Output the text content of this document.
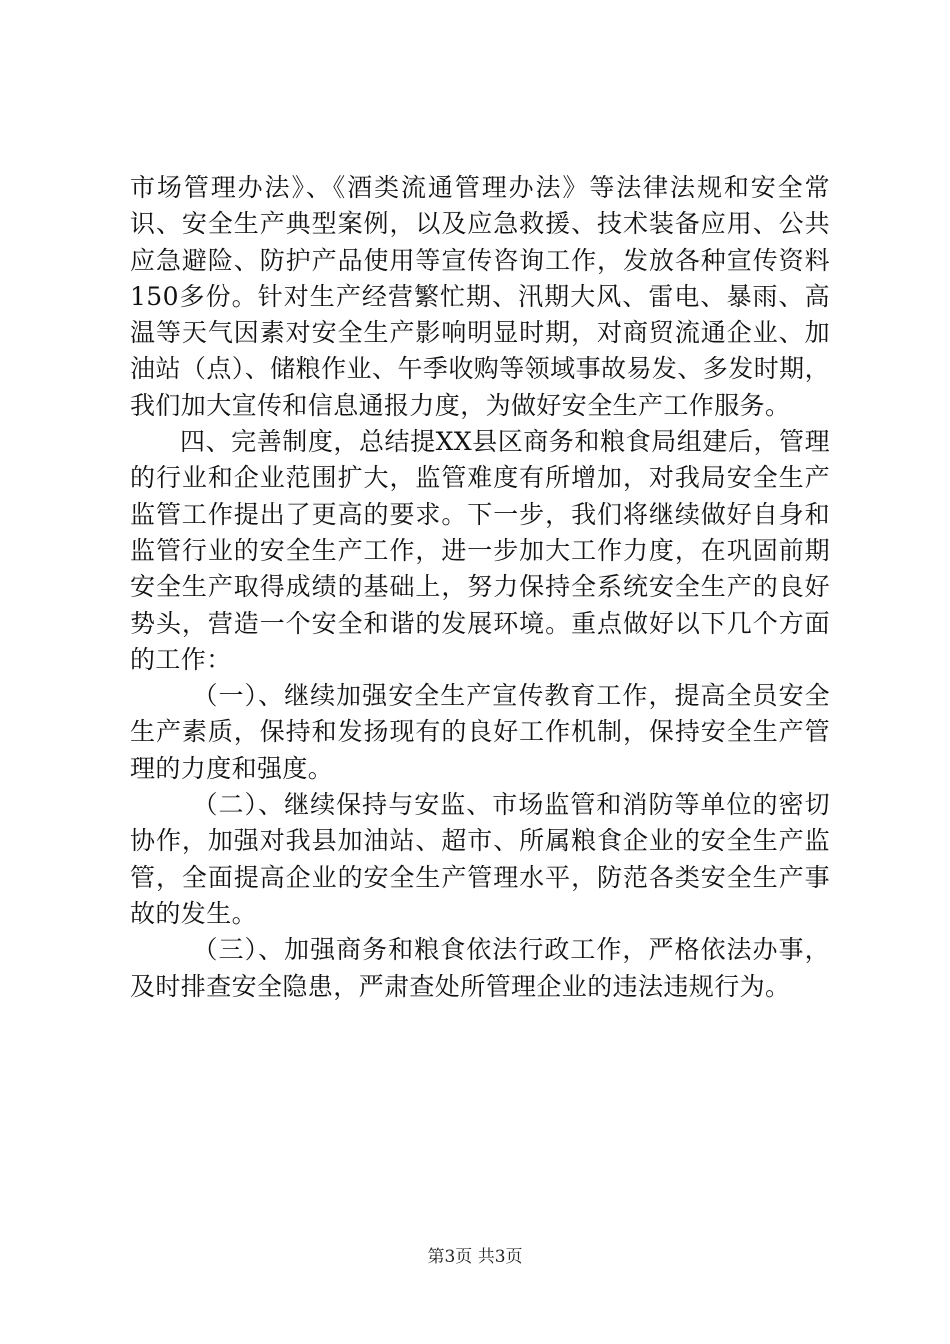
市场管理办法》、《酒类流通管理办法》等法律法规和安全常识、安全生产典型案例，以及应急救援、技术装备应用、公共应急避险、防护产品使用等宣传咨询工作，发放各种宣传资料150多份。针对生产经营繁忙期、汛期大风、雷电、暴雨、高温等天气因素对安全生产影响明显时期，对商贸流通企业、加油站（点）、储粮作业、午季收购等领域事故易发、多发时期，我们加大宣传和信息通报力度，为做好安全生产工作服务。

四、完善制度，总结提XX县区商务和粮食局组建后，管理的行业和企业范围扩大，监管难度有所增加，对我局安全生产监管工作提出了更高的要求。下一步，我们将继续做好自身和监管行业的安全生产工作，进一步加大工作力度，在巩固前期安全生产取得成绩的基础上，努力保持全系统安全生产的良好势头，营造一个安全和谐的发展环境。重点做好以下几个方面的工作：

（一）、继续加强安全生产宣传教育工作，提高全员安全生产素质，保持和发扬现有的良好工作机制，保持安全生产管理的力度和强度。

（二）、继续保持与安监、市场监管和消防等单位的密切协作，加强对我县加油站、超市、所属粮食企业的安全生产监管，全面提高企业的安全生产管理水平，防范各类安全生产事故的发生。

（三）、加强商务和粮食依法行政工作，严格依法办事，及时排查安全隐患，严肃查处所管理企业的违法违规行为。

第3页 共3页
